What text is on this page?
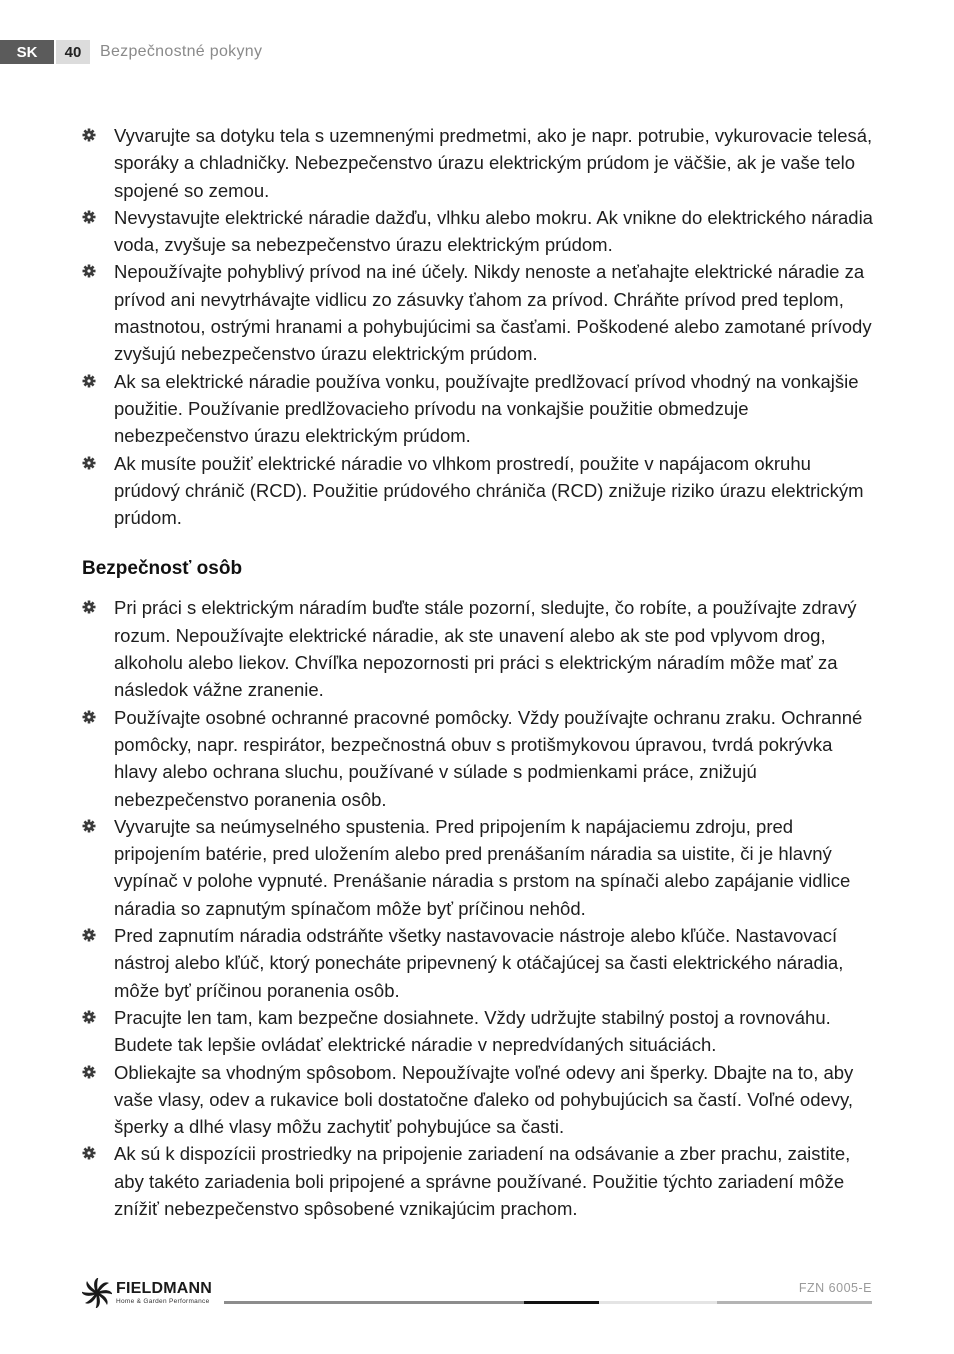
SK	40	Bezpečnostné pokyny
Vyvarujte sa dotyku tela s uzemnenými predmetmi, ako je napr. potrubie, vykurovacie telesá, sporáky a chladničky. Nebezpečenstvo úrazu elektrickým prúdom je väčšie, ak je vaše telo spojené so zemou.
Nevystavujte elektrické náradie dažďu, vlhku alebo mokru. Ak vnikne do elektrického náradia voda, zvyšuje sa nebezpečenstvo úrazu elektrickým prúdom.
Nepoužívajte pohyblivý prívod na iné účely. Nikdy nenoste a neťahajte elektrické náradie za prívod ani nevytrhávajte vidlicu zo zásuvky ťahom za prívod. Chráňte prívod pred teplom, mastnotou, ostrými hranami a pohybujúcimi sa časťami. Poškodené alebo zamotané prívody zvyšujú nebezpečenstvo úrazu elektrickým prúdom.
Ak sa elektrické náradie používa vonku, používajte predlžovací prívod vhodný na vonkajšie použitie. Používanie predlžovacieho prívodu na vonkajšie použitie obmedzuje nebezpečenstvo úrazu elektrickým prúdom.
Ak musíte použiť elektrické náradie vo vlhkom prostredí, použite v napájacom okruhu prúdový chránič (RCD). Použitie prúdového chrániča (RCD) znižuje riziko úrazu elektrickým prúdom.
Bezpečnosť osôb
Pri práci s elektrickým náradím buďte stále pozorní, sledujte, čo robíte, a používajte zdravý rozum. Nepoužívajte elektrické náradie, ak ste unavení alebo ak ste pod vplyvom drog, alkoholu alebo liekov. Chvíľka nepozornosti pri práci s elektrickým náradím môže mať za následok vážne zranenie.
Používajte osobné ochranné pracovné pomôcky. Vždy používajte ochranu zraku. Ochranné pomôcky, napr. respirátor, bezpečnostná obuv s protišmykovou úpravou, tvrdá pokrývka hlavy alebo ochrana sluchu, používané v súlade s podmienkami práce, znižujú nebezpečenstvo poranenia osôb.
Vyvarujte sa neúmyselného spustenia. Pred pripojením k napájaciemu zdroju, pred pripojením batérie, pred uložením alebo pred prenášaním náradia sa uistite, či je hlavný vypínač v polohe vypnuté. Prenášanie náradia s prstom na spínači alebo zapájanie vidlice náradia so zapnutým spínačom môže byť príčinou nehôd.
Pred zapnutím náradia odstráňte všetky nastavovacie nástroje alebo kľúče. Nastavovací nástroj alebo kľúč, ktorý ponecháte pripevnený k otáčajúcej sa časti elektrického náradia, môže byť príčinou poranenia osôb.
Pracujte len tam, kam bezpečne dosiahnete. Vždy udržujte stabilný postoj a rovnováhu. Budete tak lepšie ovládať elektrické náradie v nepredvídaných situáciách.
Obliekajte sa vhodným spôsobom. Nepoužívajte voľné odevy ani šperky. Dbajte na to, aby vaše vlasy, odev a rukavice boli dostatočne ďaleko od pohybujúcich sa častí. Voľné odevy, šperky a dlhé vlasy môžu zachytiť pohybujúce sa časti.
Ak sú k dispozícii prostriedky na pripojenie zariadení na odsávanie a zber prachu, zaistite, aby takéto zariadenia boli pripojené a správne používané. Použitie týchto zariadení môže znížiť nebezpečenstvo spôsobené vznikajúcim prachom.
FIELDMANN
Home & Garden Performance
FZN 6005-E
